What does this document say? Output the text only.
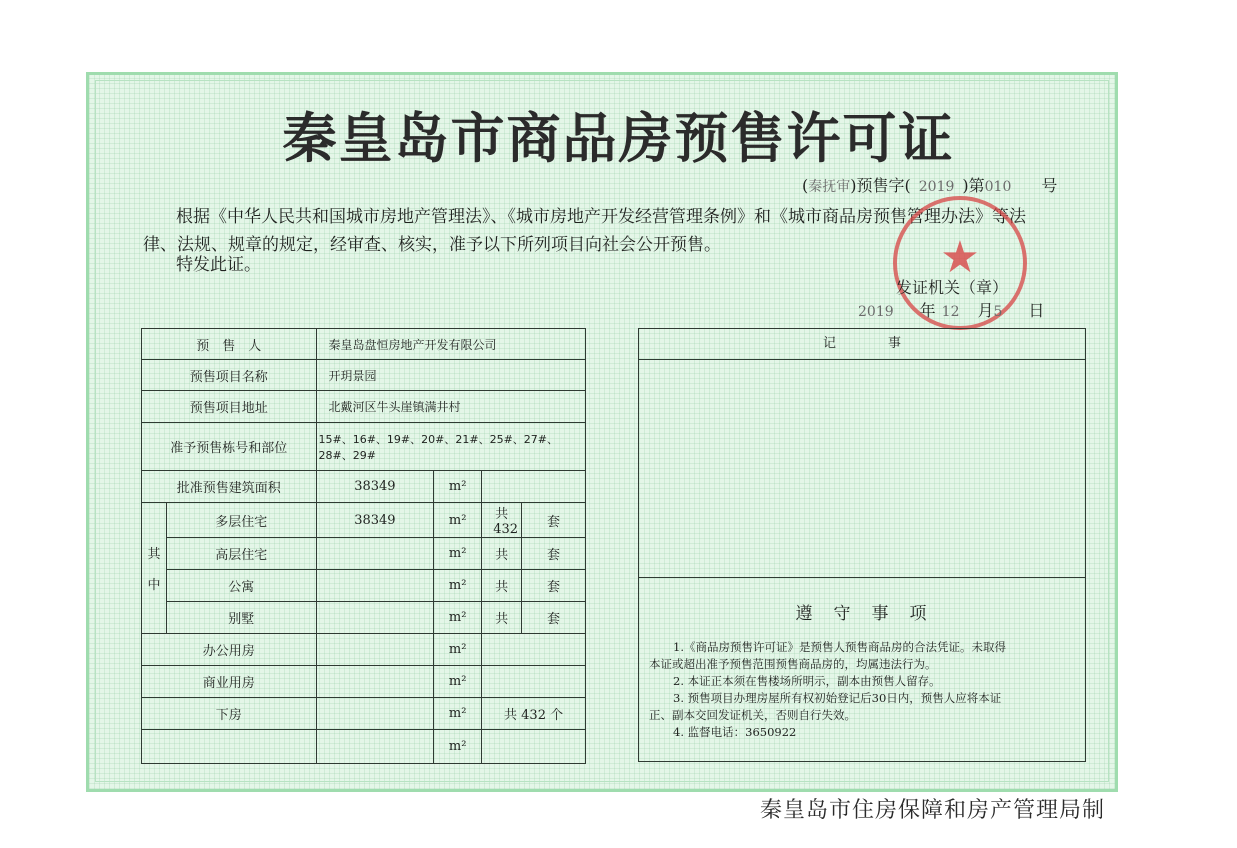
秦皇岛市商品房预售许可证
(秦抚审)预售字( 2019 )第010 号
根据《中华人民共和国城市房地产管理法》、《城市房地产开发经营管理条例》和《城市商品房预售管理办法》等法
律、法规、规章的规定，经审查、核实，准予以下所列项目向社会公开预售。
特发此证。	★
发证机关（章）
2019 年 12 月5 日
预　售　人		秦皇岛盘恒房地产开发有限公司			
预售项目名称		开玥景园			
预售项目地址		北戴河区牛头崖镇满井村			
准予预售栋号和部位		15#、16#、19#、20#、21#、25#、27#、28#、29#			
批准预售建筑面积		38349	m²		

其
中	多层住宅	38349	m²	共432	套
	高层住宅		m²	共	套
	公寓		m²	共	套
	别墅		m²	共	套
办公用房			m²		
商业用房			m²		
下房			m²	共 432 个	
			m²		
记　　　　事
遵　守　事　项
1.《商品房预售许可证》是预售人预售商品房的合法凭证。未取得
本证或超出准予预售范围预售商品房的，均属违法行为。
2. 本证正本须在售楼场所明示，副本由预售人留存。
3. 预售项目办理房屋所有权初始登记后30日内，预售人应将本证
正、副本交回发证机关，否则自行失效。
4. 监督电话：3650922
秦皇岛市住房保障和房产管理局制
